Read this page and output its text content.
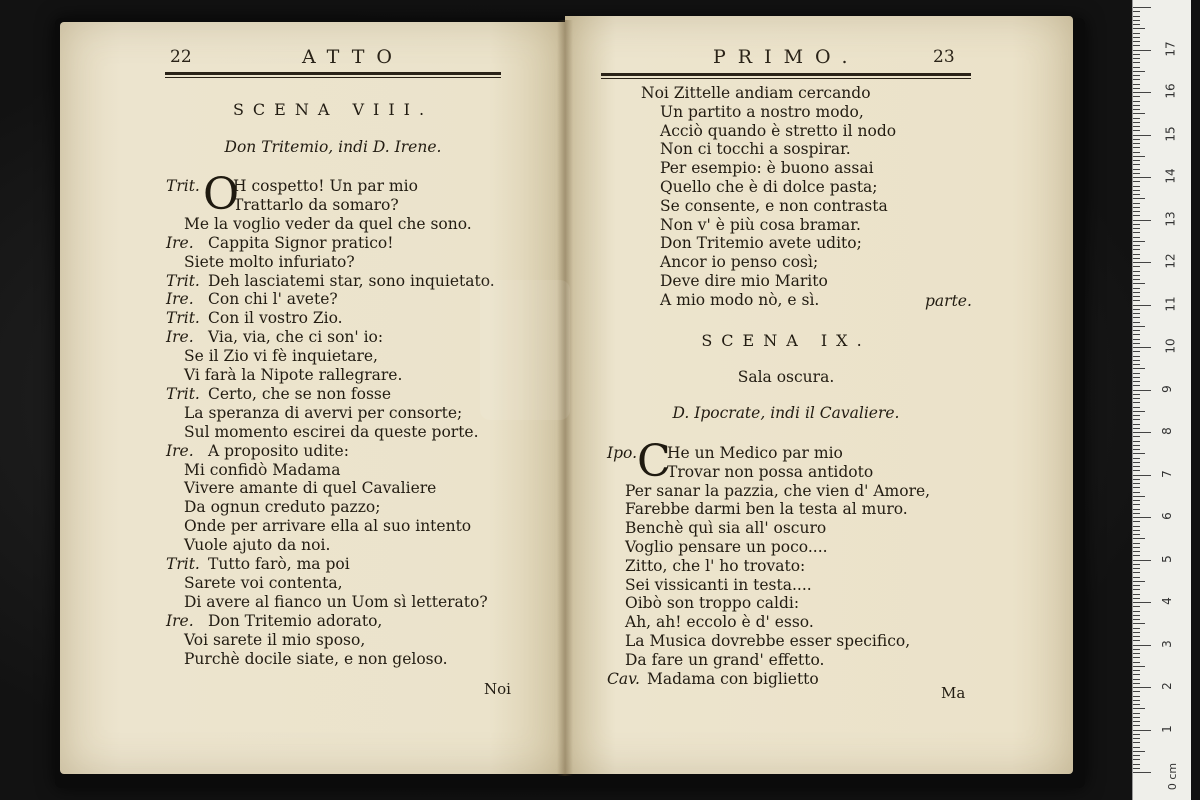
22	ATTO
SCENA VIII.
Don Tritemio, indi D. Irene.
Trit. O
H cospetto! Un par mio
Trattarlo da somaro?
Me la voglio veder da quel che sono.
Ire. Cappita Signor pratico!
Siete molto infuriato?
Trit. Deh lasciatemi star, sono inquietato.
Ire. Con chi l' avete?
Trit. Con il vostro Zio.
Ire. Via, via, che ci son' io:
Se il Zio vi fè inquietare,
Vi farà la Nipote rallegrare.
Trit. Certo, che se non fosse
La speranza di avervi per consorte;
Sul momento escirei da queste porte.
Ire. A proposito udite:
Mi confidò Madama
Vivere amante di quel Cavaliere
Da ognun creduto pazzo;
Onde per arrivare ella al suo intento
Vuole ajuto da noi.
Trit. Tutto farò, ma poi
Sarete voi contenta,
Di avere al fianco un Uom sì letterato?
Ire. Don Tritemio adorato,
Voi sarete il mio sposo,
Purchè docile siate, e non geloso.
Noi
PRIMO.	23
Noi Zittelle andiam cercando
Un partito a nostro modo,
Acciò quando è stretto il nodo
Non ci tocchi a sospirar.
Per esempio: è buono assai
Quello che è di dolce pasta;
Se consente, e non contrasta
Non v' è più cosa bramar.
Don Tritemio avete udito;
Ancor io penso così;
Deve dire mio Marito
A mio modo nò, e sì.	parte.
SCENA IX.
Sala oscura.
D. Ipocrate, indi il Cavaliere.
Ipo. C
He un Medico par mio
Trovar non possa antidoto
Per sanar la pazzia, che vien d' Amore,
Farebbe darmi ben la testa al muro.
Benchè quì sia all' oscuro
Voglio pensare un poco....
Zitto, che l' ho trovato:
Sei vissicanti in testa....
Oibò son troppo caldi:
Ah, ah! eccolo è d' esso.
La Musica dovrebbe esser specifico,
Da fare un grand' effetto.
Cav. Madama con biglietto
Ma
17
16
15
14
13
12
11
10
9
8
7
6
5
4
3
2
1
0 cm
